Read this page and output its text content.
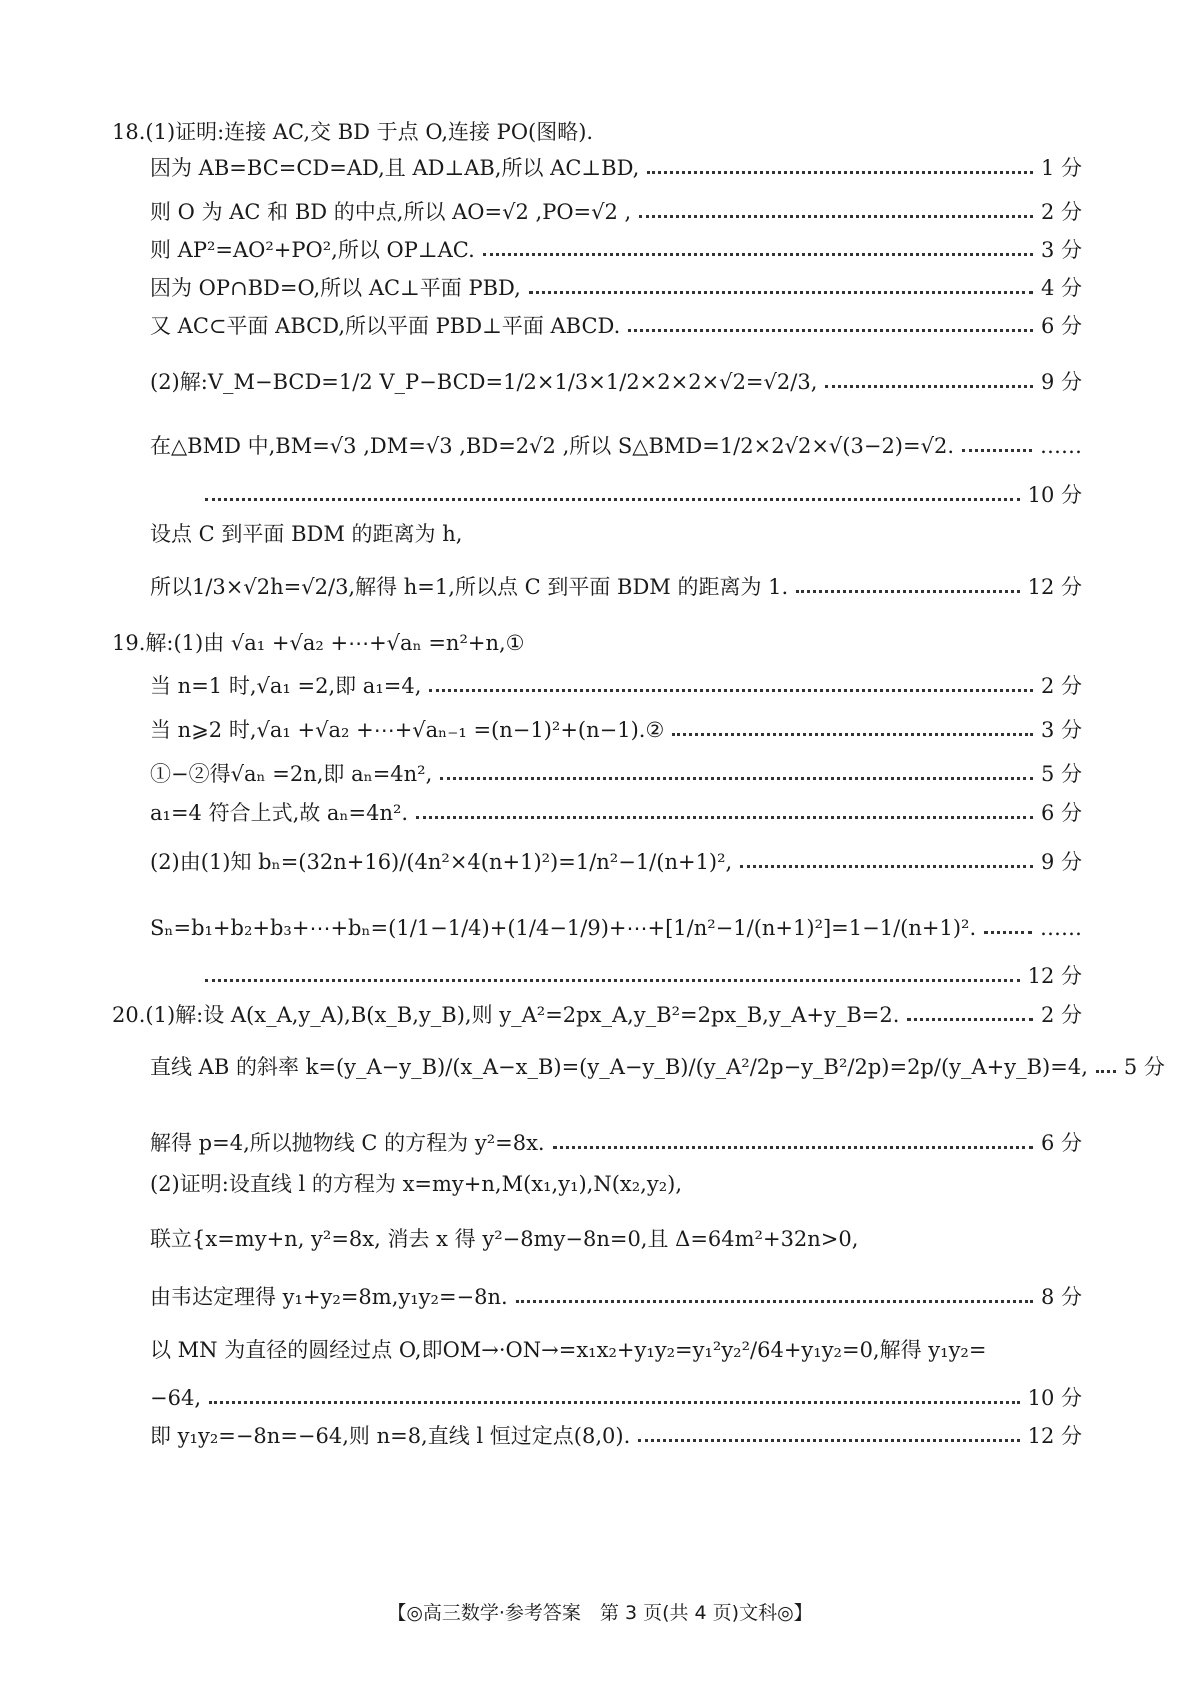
18.(1)证明:连接 AC,交 BD 于点 O,连接 PO(图略).
因为 AB=BC=CD=AD,且 AD⊥AB,所以 AC⊥BD,	1 分
则 O 为 AC 和 BD 的中点,所以 AO=√2 ,PO=√2 ,	2 分
则 AP²=AO²+PO²,所以 OP⊥AC.	3 分
因为 OP∩BD=O,所以 AC⊥平面 PBD,	4 分
又 AC⊂平面 ABCD,所以平面 PBD⊥平面 ABCD.	6 分
(2)解:V_M−BCD=1/2 V_P−BCD=1/2×1/3×1/2×2×2×√2=√2/3,	9 分
在△BMD 中,BM=√3 ,DM=√3 ,BD=2√2 ,所以 S△BMD=1/2×2√2×√(3−2)=√2.	……
10 分
设点 C 到平面 BDM 的距离为 h,
所以1/3×√2h=√2/3,解得 h=1,所以点 C 到平面 BDM 的距离为 1.	12 分
19.解:(1)由 √a₁ +√a₂ +⋯+√aₙ =n²+n,①
当 n=1 时,√a₁ =2,即 a₁=4,	2 分
当 n⩾2 时,√a₁ +√a₂ +⋯+√aₙ₋₁ =(n−1)²+(n−1).②	3 分
①−②得√aₙ =2n,即 aₙ=4n²,	5 分
a₁=4 符合上式,故 aₙ=4n².	6 分
(2)由(1)知 bₙ=(32n+16)/(4n²×4(n+1)²)=1/n²−1/(n+1)²,	9 分
Sₙ=b₁+b₂+b₃+⋯+bₙ=(1/1−1/4)+(1/4−1/9)+⋯+[1/n²−1/(n+1)²]=1−1/(n+1)².	……
12 分
20.(1)解:设 A(x_A,y_A),B(x_B,y_B),则 y_A²=2px_A,y_B²=2px_B,y_A+y_B=2.	2 分
直线 AB 的斜率 k=(y_A−y_B)/(x_A−x_B)=(y_A−y_B)/(y_A²/2p−y_B²/2p)=2p/(y_A+y_B)=4, 5 分
解得 p=4,所以抛物线 C 的方程为 y²=8x.	6 分
(2)证明:设直线 l 的方程为 x=my+n,M(x₁,y₁),N(x₂,y₂),
联立{x=my+n, y²=8x, 消去 x 得 y²−8my−8n=0,且 Δ=64m²+32n>0,
由韦达定理得 y₁+y₂=8m,y₁y₂=−8n.	8 分
以 MN 为直径的圆经过点 O,即OM→·ON→=x₁x₂+y₁y₂=y₁²y₂²/64+y₁y₂=0,解得 y₁y₂=
−64,	10 分
即 y₁y₂=−8n=−64,则 n=8,直线 l 恒过定点(8,0).	12 分
【◎高三数学·参考答案　第 3 页(共 4 页)文科◎】
